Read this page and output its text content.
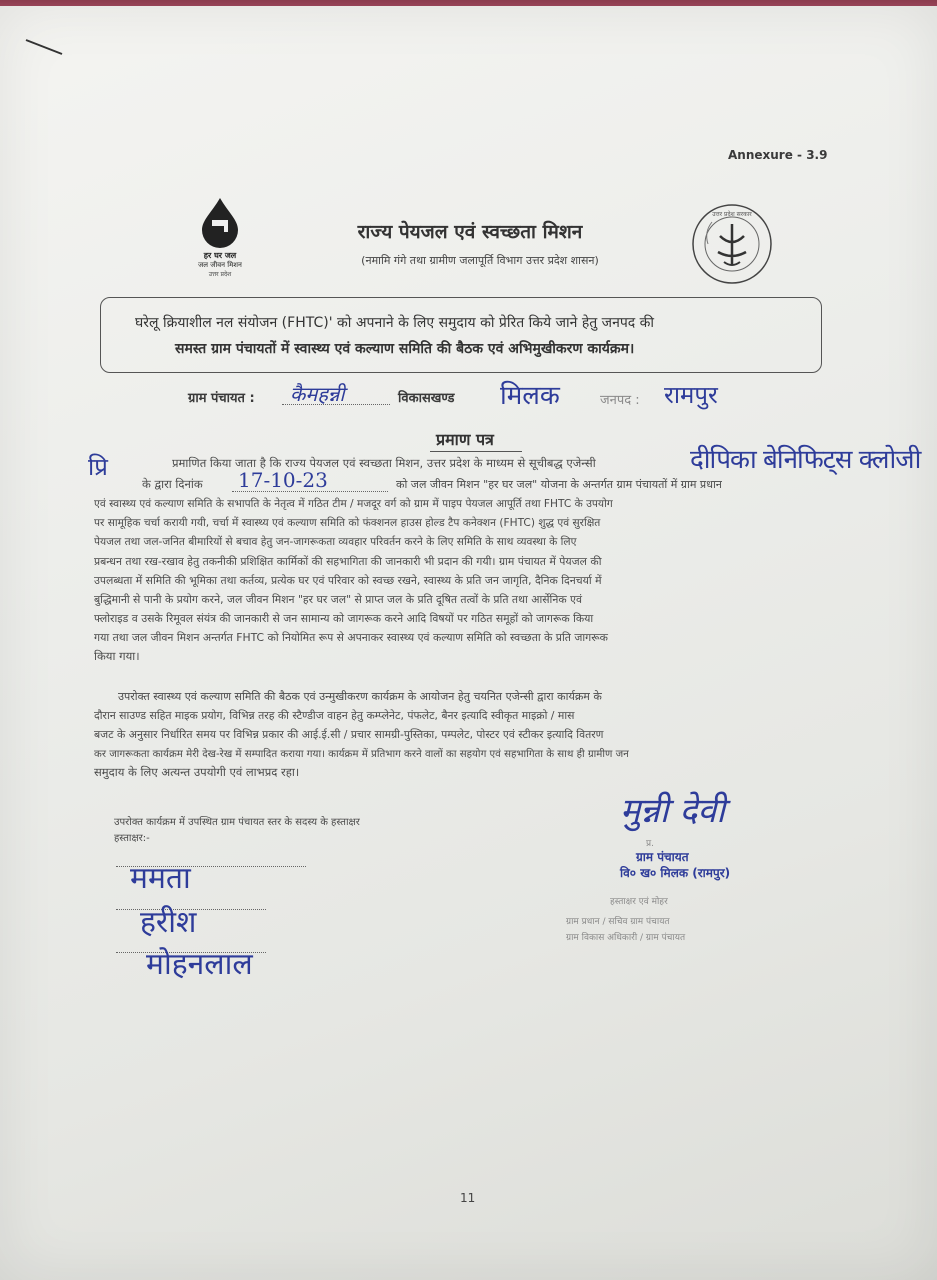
Annexure - 3.9
हर घर जल
जल जीवन मिशन
उत्तर प्रदेश
राज्य पेयजल एवं स्वच्छता मिशन
(नमामि गंगे तथा ग्रामीण जलापूर्ति विभाग उत्तर प्रदेश शासन)
उत्तर प्रदेश सरकार
घरेलू क्रियाशील नल संयोजन (FHTC)' को अपनाने के लिए समुदाय को प्रेरित किये जाने हेतु जनपद की
समस्त ग्राम पंचायतों में स्वास्थ्य एवं कल्याण समिति की बैठक एवं अभिमुखीकरण कार्यक्रम।
ग्राम पंचायत : कैमहन्नी	विकासखण्ड मिलक	जनपद : रामपुर
प्रमाण पत्र
प्रि	दीपिका बेनिफिट्स क्लोजी
प्रमाणित किया जाता है कि राज्य पेयजल एवं स्वच्छता मिशन, उत्तर प्रदेश के माध्यम से सूचीबद्ध एजेन्सी
के द्वारा दिनांक 17-10-23	को जल जीवन मिशन "हर घर जल" योजना के अन्तर्गत ग्राम पंचायतों में ग्राम प्रधान
एवं स्वास्थ्य एवं कल्याण समिति के सभापति के नेतृत्व में गठित टीम / मजदूर वर्ग को ग्राम में पाइप पेयजल आपूर्ति तथा FHTC के उपयोग
पर सामूहिक चर्चा करायी गयी, चर्चा में स्वास्थ्य एवं कल्याण समिति को फंक्शनल हाउस होल्ड टैप कनेक्शन (FHTC) शुद्ध एवं सुरक्षित
पेयजल तथा जल-जनित बीमारियों से बचाव हेतु जन-जागरूकता व्यवहार परिवर्तन करने के लिए समिति के साथ व्यवस्था के लिए
प्रबन्धन तथा रख-रखाव हेतु तकनीकी प्रशिक्षित कार्मिकों की सहभागिता की जानकारी भी प्रदान की गयी। ग्राम पंचायत में पेयजल की
उपलब्धता में समिति की भूमिका तथा कर्तव्य, प्रत्येक घर एवं परिवार को स्वच्छ रखने, स्वास्थ्य के प्रति जन जागृति, दैनिक दिनचर्या में
बुद्धिमानी से पानी के प्रयोग करने, जल जीवन मिशन "हर घर जल" से प्राप्त जल के प्रति दूषित तत्वों के प्रति तथा आर्सेनिक एवं
फ्लोराइड व उसके रिमूवल संयंत्र की जानकारी से जन सामान्य को जागरूक करने आदि विषयों पर गठित समूहों को जागरूक किया
गया तथा जल जीवन मिशन अन्तर्गत FHTC को नियोमित रूप से अपनाकर स्वास्थ्य एवं कल्याण समिति को स्वच्छता के प्रति जागरूक
किया गया।
उपरोक्त स्वास्थ्य एवं कल्याण समिति की बैठक एवं उन्मुखीकरण कार्यक्रम के आयोजन हेतु चयनित एजेन्सी द्वारा कार्यक्रम के
दौरान साउण्ड सहित माइक प्रयोग, विभिन्न तरह की स्टैण्डीज वाहन हेतु कम्प्लेनेट, पंफलेट, बैनर इत्यादि स्वीकृत माइक्रो / मास
बजट के अनुसार निर्धारित समय पर विभिन्न प्रकार की आई.ई.सी / प्रचार सामग्री-पुस्तिका, पम्पलेट, पोस्टर एवं स्टीकर इत्यादि वितरण
कर जागरूकता कार्यक्रम मेरी देख-रेख में सम्पादित कराया गया। कार्यक्रम में प्रतिभाग करने वालों का सहयोग एवं सहभागिता के साथ ही ग्रामीण जन
समुदाय के लिए अत्यन्त उपयोगी एवं लाभप्रद रहा।
उपरोक्त कार्यक्रम में उपस्थित ग्राम पंचायत स्तर के सदस्य के हस्ताक्षर
हस्ताक्षर:-
ममता
हरीश
मोहनलाल
मुन्नी देवी
प्र.
ग्राम पंचायत
वि० ख० मिलक (रामपुर)
हस्ताक्षर एवं मोहर
ग्राम प्रधान / सचिव ग्राम पंचायत
ग्राम विकास अधिकारी / ग्राम पंचायत
11
